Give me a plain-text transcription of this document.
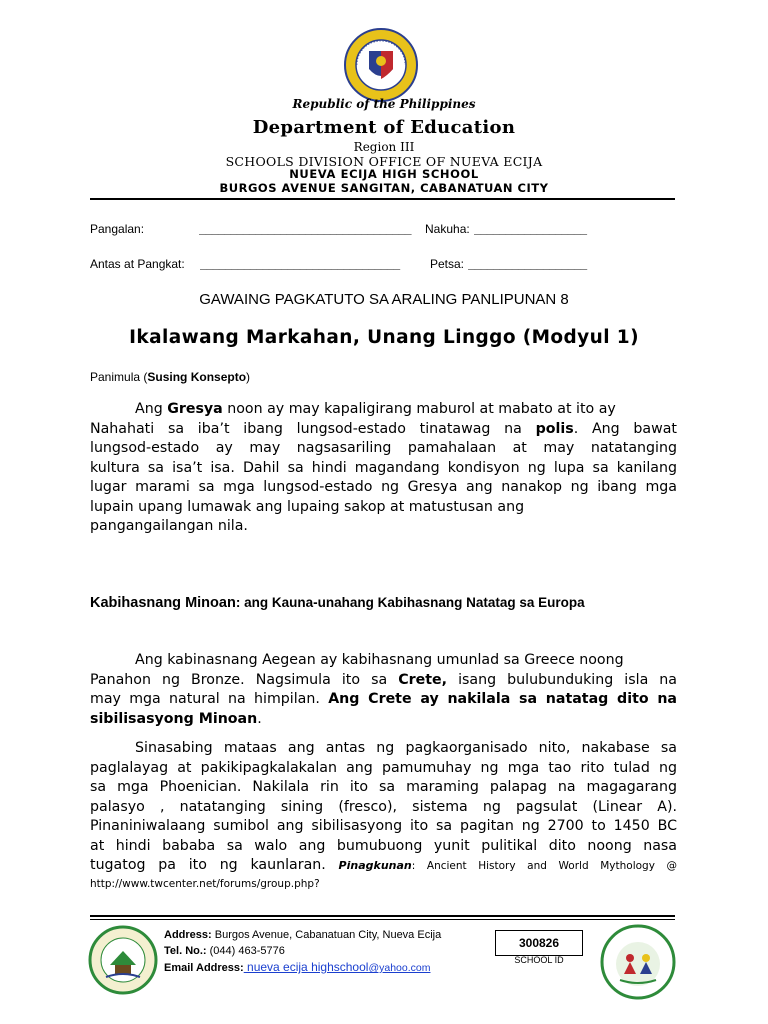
Republic of the Philippines
Department of Education
Region III
SCHOOLS DIVISION OFFICE OF NUEVA ECIJA
NUEVA ECIJA HIGH SCHOOL
BURGOS AVENUE SANGITAN, CABANATUAN CITY
Pangalan:	__________________________________ Nakuha: __________________
Antas at Pangkat: ________________________________	Petsa: ___________________
GAWAING PAGKATUTO SA ARALING PANLIPUNAN 8
Ikalawang Markahan, Unang Linggo (Modyul 1)
Panimula (Susing Konsepto)
Ang Gresya noon ay may kapaligirang maburol at mabato at ito ay
Nahahati sa iba’t ibang lungsod-estado tinatawag na polis. Ang bawat
lungsod-estado ay may nagsasariling pamahalaan at may natatanging
kultura sa isa’t isa. Dahil sa hindi magandang kondisyon ng lupa sa kanilang
lugar marami sa mga lungsod-estado ng Gresya ang nanakop ng ibang mga
lupain upang lumawak ang lupaing sakop at matustusan ang
pangangailangan nila.
Kabihasnang Minoan: ang Kauna-unahang Kabihasnang Natatag sa Europa
Ang kabinasnang Aegean ay kabihasnang umunlad sa Greece noong
Panahon ng Bronze. Nagsimula ito sa Crete, isang bulubunduking isla na
may mga natural na himpilan. Ang Crete ay nakilala sa natatag dito na
sibilisasyong Minoan.
Sinasabing mataas ang antas ng pagkaorganisado nito, nakabase sa
paglalayag at pakikipagkalakalan ang pamumuhay ng mga tao rito tulad ng
sa mga Phoenician. Nakilala rin ito sa maraming palapag na magagarang
palasyo , natatanging sining (fresco), sistema ng pagsulat (Linear A).
Pinaniniwalaang sumibol ang sibilisasyong ito sa pagitan ng 2700 to 1450 BC
at hindi bababa sa walo ang bumubuong yunit pulitikal dito noong nasa
tugatog pa ito ng kaunlaran. Pinagkunan: Ancient History and World Mythology @
http://www.twcenter.net/forums/group.php?
Address: Burgos Avenue, Cabanatuan City, Nueva Ecija
Tel. No.: (044) 463-5776
Email Address: nueva ecija highschool@yahoo.com
300826
SCHOOL ID
